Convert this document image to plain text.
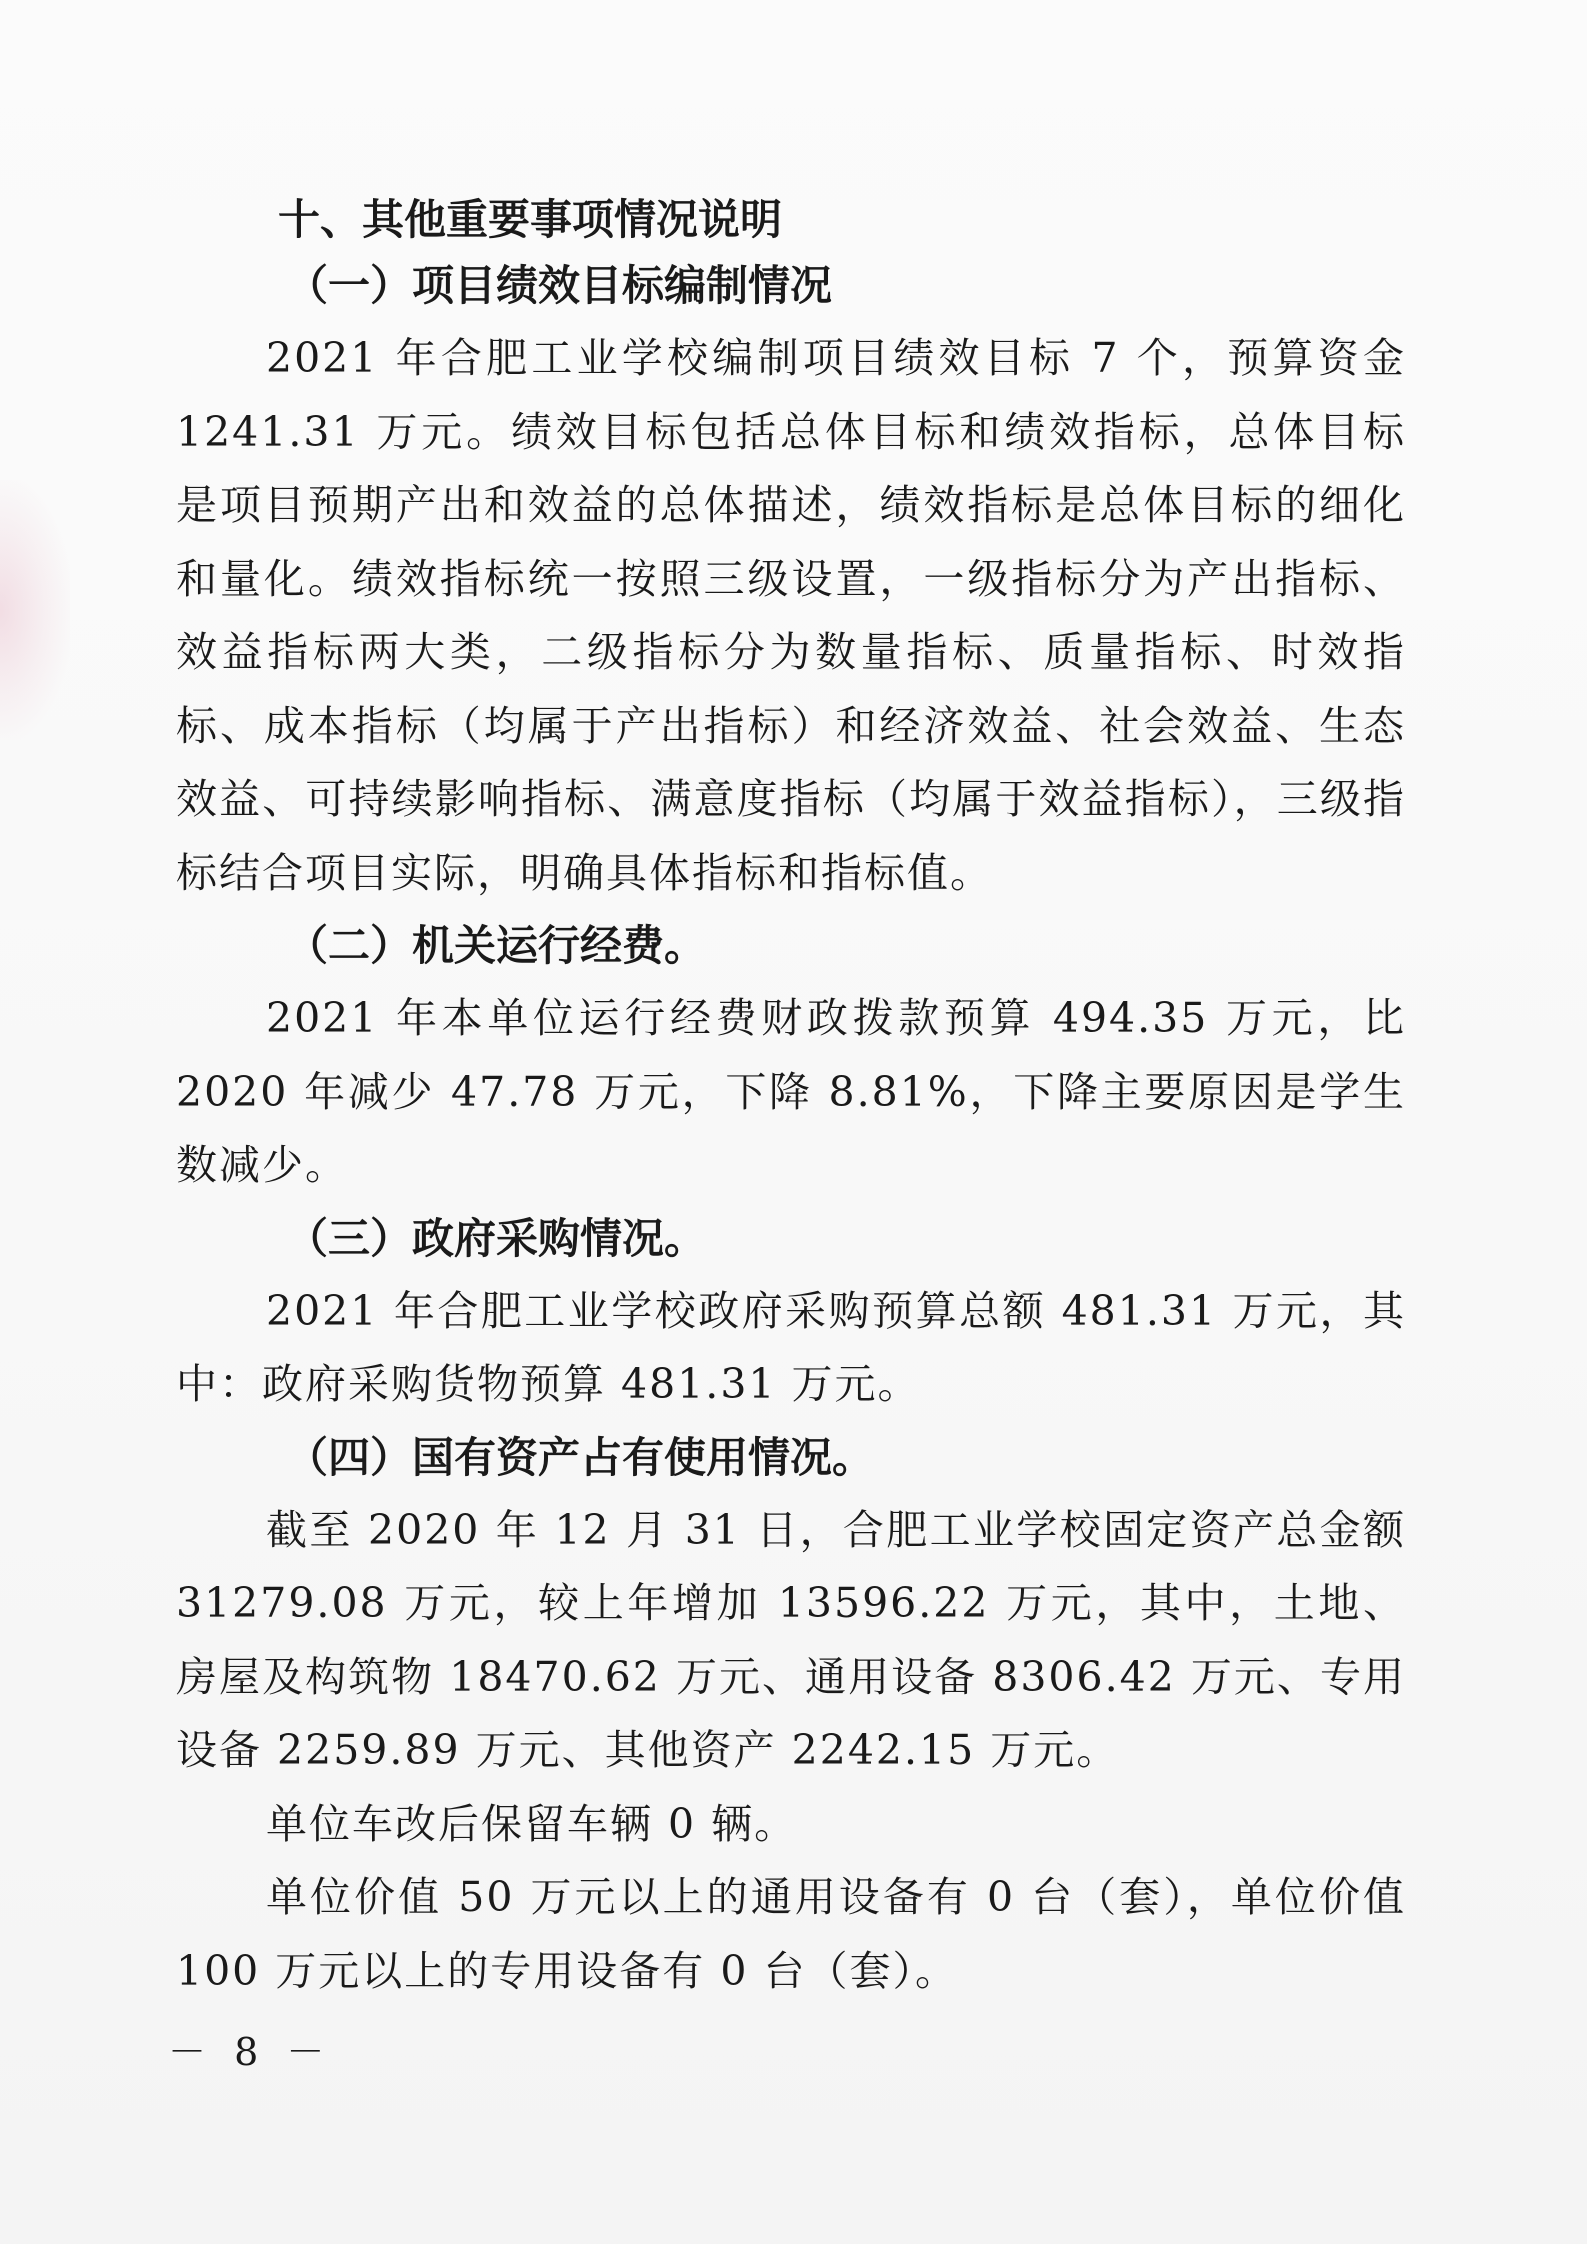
十、其他重要事项情况说明
（一）项目绩效目标编制情况

2021 年合肥工业学校编制项目绩效目标 7 个，预算资金 1241.31 万元。绩效目标包括总体目标和绩效指标，总体目标是项目预期产出和效益的总体描述，绩效指标是总体目标的细化和量化。绩效指标统一按照三级设置，一级指标分为产出指标、效益指标两大类，二级指标分为数量指标、质量指标、时效指标、成本指标（均属于产出指标）和经济效益、社会效益、生态效益、可持续影响指标、满意度指标（均属于效益指标），三级指标结合项目实际，明确具体指标和指标值。

（二）机关运行经费。

2021 年本单位运行经费财政拨款预算 494.35 万元，比 2020 年减少 47.78 万元，下降 8.81%，下降主要原因是学生数减少。

（三）政府采购情况。

2021 年合肥工业学校政府采购预算总额 481.31 万元，其中：政府采购货物预算 481.31 万元。

（四）国有资产占有使用情况。

截至 2020 年 12 月 31 日，合肥工业学校固定资产总金额 31279.08 万元，较上年增加 13596.22 万元，其中，土地、房屋及构筑物 18470.62 万元、通用设备 8306.42 万元、专用设备 2259.89 万元、其他资产 2242.15 万元。

单位车改后保留车辆 0 辆。

单位价值 50 万元以上的通用设备有 0 台（套），单位价值 100 万元以上的专用设备有 0 台（套）。

－ 8 －
